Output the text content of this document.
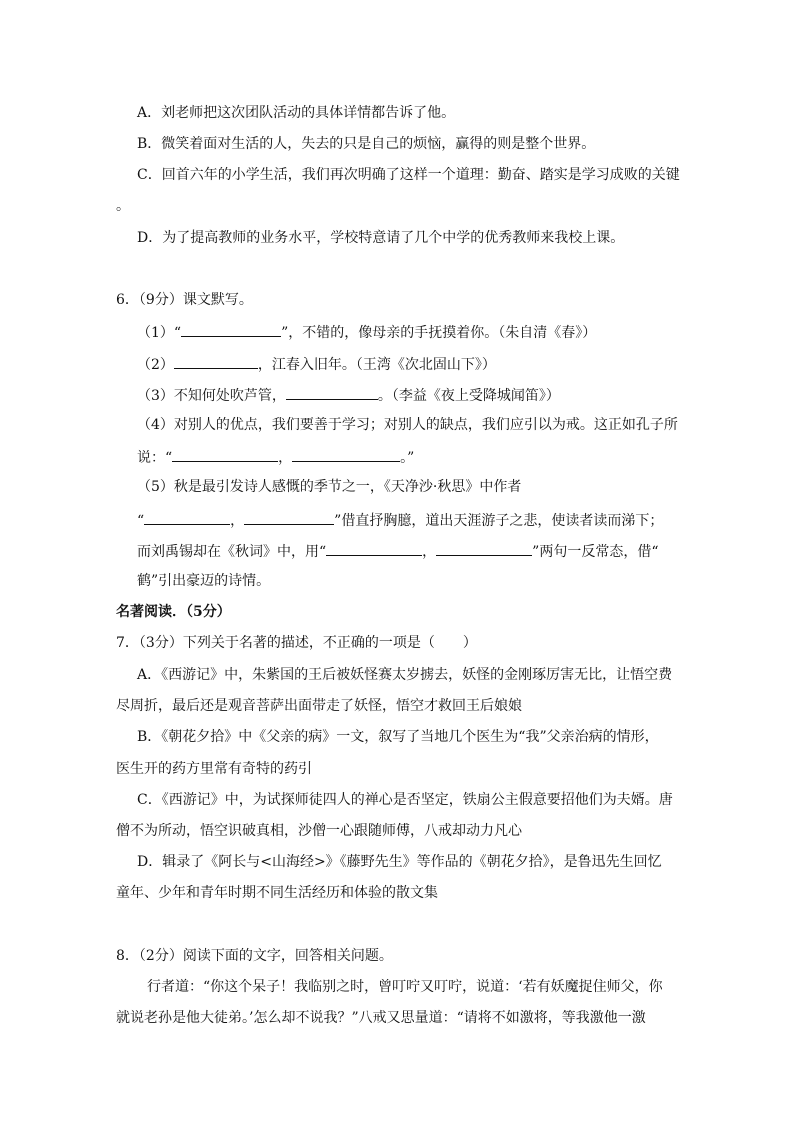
A．刘老师把这次团队活动的具体详情都告诉了他。
B．微笑着面对生活的人，失去的只是自己的烦恼，赢得的则是整个世界。
C．回首六年的小学生活，我们再次明确了这样一个道理：勤奋、踏实是学习成败的关键
。
D．为了提高教师的业务水平，学校特意请了几个中学的优秀教师来我校上课。
6．（9分）课文默写。
（1）“	”，不错的，像母亲的手抚摸着你。（朱自清《春》）
（2）	，江春入旧年。（王湾《次北固山下》）
（3）不知何处吹芦管，	。（李益《夜上受降城闻笛》）
（4）对别人的优点，我们要善于学习；对别人的缺点，我们应引以为戒。这正如孔子所
说：“	，	。”
（5）秋是最引发诗人感慨的季节之一，《天净沙·秋思》中作者
“	，	”借直抒胸臆，道出天涯游子之悲，使读者读而涕下；
而刘禹锡却在《秋词》中，用“	，	”两句一反常态，借“
鹤”引出豪迈的诗情。
名著阅读．（5分）
7．（3分）下列关于名著的描述，不正确的一项是（　　）
A．《西游记》中，朱紫国的王后被妖怪赛太岁掳去，妖怪的金刚琢厉害无比，让悟空费
尽周折，最后还是观音菩萨出面带走了妖怪，悟空才救回王后娘娘
B．《朝花夕拾》中《父亲的病》一文，叙写了当地几个医生为“我”父亲治病的情形，
医生开的药方里常有奇特的药引
C．《西游记》中，为试探师徒四人的禅心是否坚定，铁扇公主假意要招他们为夫婿。唐
僧不为所动，悟空识破真相，沙僧一心跟随师傅，八戒却动力凡心
D．辑录了《阿长与<山海经>》《藤野先生》等作品的《朝花夕拾》，是鲁迅先生回忆
童年、少年和青年时期不同生活经历和体验的散文集
8．（2分）阅读下面的文字，回答相关问题。
行者道：“你这个呆子！我临别之时，曾叮咛又叮咛，说道：‘若有妖魔捉住师父，你
就说老孙是他大徒弟。’怎么却不说我？”八戒又思量道：“请将不如激将，等我激他一激
